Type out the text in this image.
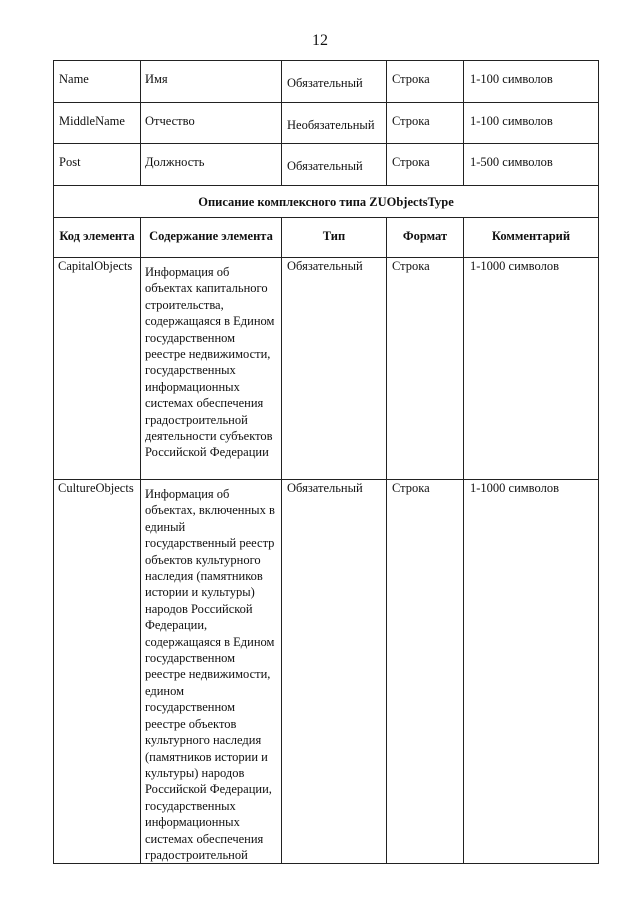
12
Name	Имя	Обязательный	Строка	1-100 символов
MiddleName	Отчество	Необязательный	Строка	1-100 символов
Post	Должность	Обязательный	Строка	1-500 символов
Описание комплексного типа ZUObjectsType				
Код элемента	Содержание элемента	Тип	Формат	Комментарий
CapitalObjects	Информация об объектах капитального строительства, содержащаяся в Едином государственном реестре недвижимости, государственных информационных системах обеспечения градостроительной деятельности субъектов Российской Федерации	Обязательный	Строка	1-1000 символов
CultureObjects	Информация об объектах, включенных в единый государственный реестр объектов культурного наследия (памятников истории и культуры) народов Российской Федерации, содержащаяся в Едином государственном реестре недвижимости, едином государственном реестре объектов культурного наследия (памятников истории и культуры) народов Российской Федерации, государственных информационных системах обеспечения градостроительной	Обязательный	Строка	1-1000 символов
